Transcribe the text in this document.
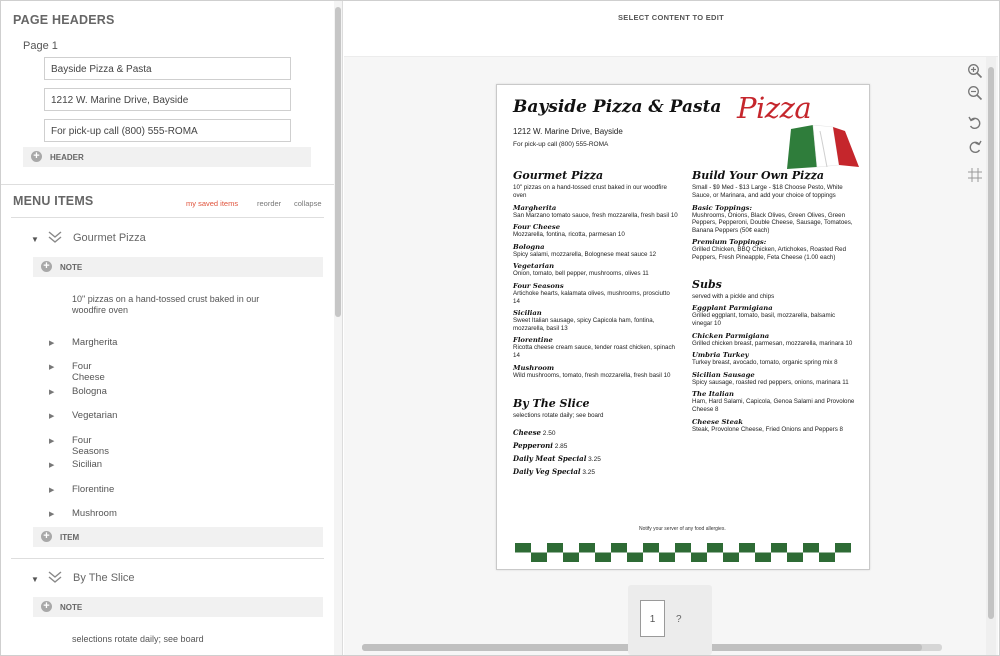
PAGE HEADERS
Page 1
Bayside Pizza & Pasta
1212 W. Marine Drive, Bayside
For pick-up call (800) 555-ROMA
+ HEADER
MENU ITEMS	my saved items	reorder collapse
▼	Gourmet Pizza
+ NOTE
10" pizzas on a hand-tossed crust baked in our woodfire oven
▶ Margherita
▶ Four Cheese
▶ Bologna
▶ Vegetarian
▶ Four Seasons
▶ Sicilian
▶ Florentine
▶ Mushroom
+ ITEM
▼	By The Slice
+ NOTE
selections rotate daily; see board
SELECT CONTENT TO EDIT
Bayside Pizza & Pasta
1212 W. Marine Drive, Bayside
For pick-up call (800) 555-ROMA
Pizza
Gourmet Pizza
10" pizzas on a hand-tossed crust baked in our woodfire oven
Margherita
San Marzano tomato sauce, fresh mozzarella, fresh basil 10
Four Cheese
Mozzarella, fontina, ricotta, parmesan 10
Bologna
Spicy salami, mozzarella, Bolognese meat sauce 12
Vegetarian
Onion, tomato, bell pepper, mushrooms, olives 11
Four Seasons
Artichoke hearts, kalamata olives, mushrooms, prosciutto 14
Sicilian
Sweet Italian sausage, spicy Capicola ham, fontina, mozzarella, basil 13
Florentine
Ricotta cheese cream sauce, tender roast chicken, spinach 14
Mushroom
Wild mushrooms, tomato, fresh mozzarella, fresh basil 10
By The Slice
selections rotate daily; see board
Cheese 2.50
Pepperoni 2.85
Daily Meat Special 3.25
Daily Veg Special 3.25
Build Your Own Pizza
Small - $9 Med - $13 Large - $18 Choose Pesto, White Sauce, or Marinara, and add your choice of toppings
Basic Toppings:
Mushrooms, Onions, Black Olives, Green Olives, Green Peppers, Pepperoni, Double Cheese, Sausage, Tomatoes, Banana Peppers (50¢ each)
Premium Toppings:
Grilled Chicken, BBQ Chicken, Artichokes, Roasted Red Peppers, Fresh Pineapple, Feta Cheese (1.00 each)
Subs
served with a pickle and chips
Eggplant Parmigiana
Grilled eggplant, tomato, basil, mozzarella, balsamic vinegar 10
Chicken Parmigiana
Grilled chicken breast, parmesan, mozzarella, marinara 10
Umbria Turkey
Turkey breast, avocado, tomato, organic spring mix 8
Sicilian Sausage
Spicy sausage, roasted red peppers, onions, marinara 11
The Italian
Ham, Hard Salami, Capicola, Genoa Salami and Provolone Cheese 8
Cheese Steak
Steak, Provolone Cheese, Fried Onions and Peppers 8
Notify your server of any food allergies.
1	?
